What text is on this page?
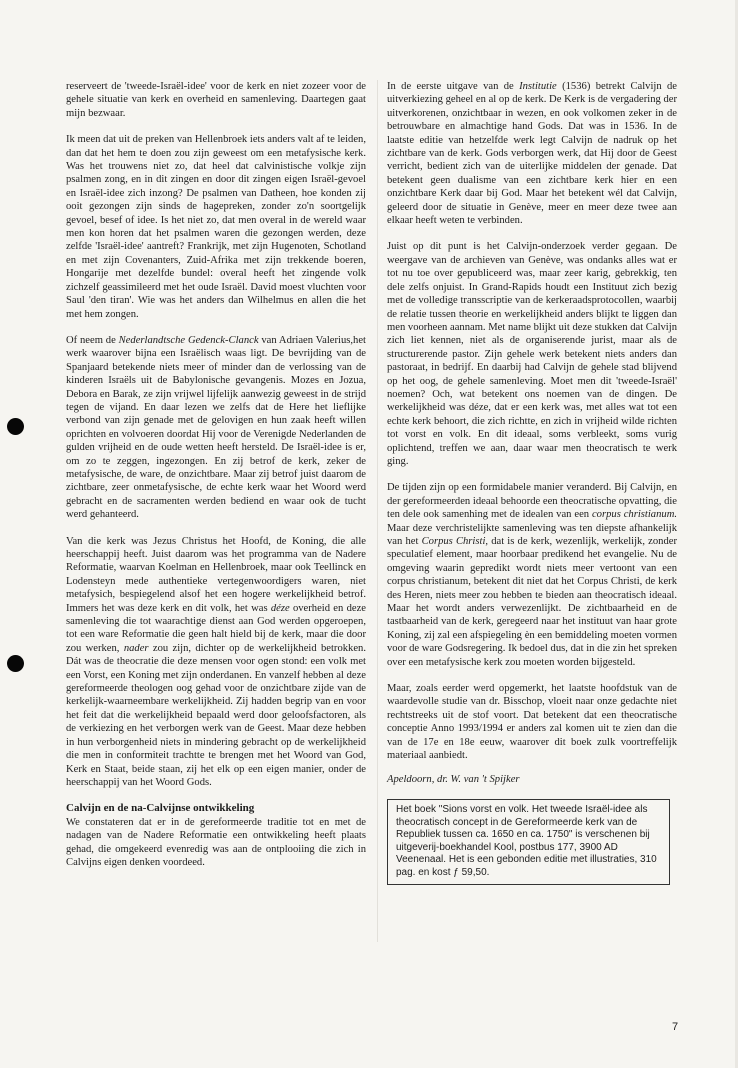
reserveert de 'tweede-Israël-idee' voor de kerk en niet zozeer voor de gehele situatie van kerk en overheid en samenleving. Daartegen gaat mijn bezwaar.

Ik meen dat uit de preken van Hellenbroek iets anders valt af te leiden, dan dat het hem te doen zou zijn geweest om een metafysische kerk. Was het trouwens niet zo, dat heel dat calvinistische volkje zijn psalmen zong, en in dit zingen en door dit zingen eigen Israël-gevoel en Israël-idee zich inzong? De psalmen van Datheen, hoe konden zij ooit gezongen zijn sinds de hagepreken, zonder zo'n soortgelijk gevoel, besef of idee. Is het niet zo, dat men overal in de wereld waar men kon horen dat het psalmen waren die gezongen werden, deze zelfde 'Israël-idee' aantreft? Frankrijk, met zijn Hugenoten, Schotland en met zijn Covenanters, Zuid-Afrika met zijn trekkende boeren, Hongarije met dezelfde bundel: overal heeft het zingende volk zichzelf geassimileerd met het oude Israël. David moest vluchten voor Saul 'den tiran'. Wie was het anders dan Wilhelmus en allen die het met hem zongen.

Of neem de Nederlandtsche Gedenck-Clanck van Adriaen Valerius,het werk waarover bijna een Israëlisch waas ligt. De bevrijding van de Spanjaard betekende niets meer of minder dan de verlossing van de kinderen Israëls uit de Babylonische gevangenis. Mozes en Jozua, Debora en Barak, ze zijn vrijwel lijfelijk aanwezig geweest in de strijd tegen de vijand. En daar lezen we zelfs dat de Here het lieflijke verbond van zijn genade met de gelovigen en hun zaak heeft willen oprichten en volvoeren doordat Hij voor de Verenigde Nederlanden de gulden vrijheid en de oude wetten heeft hersteld. De Israël-idee is er, om zo te zeggen, ingezongen. En zij betrof de kerk, zeker de metafysische, de ware, de onzichtbare. Maar zij betrof juist daarom de zichtbare, zeer onmetafysische, de echte kerk waar het Woord werd gebracht en de sacramenten werden bediend en waar ook de tucht werd gehanteerd.

Van die kerk was Jezus Christus het Hoofd, de Koning, die alle heerschappij heeft. Juist daarom was het programma van de Nadere Reformatie, waarvan Koelman en Hellenbroek, maar ook Teellinck en Lodensteyn mede authentieke vertegenwoordigers waren, niet metafysich, bespiegelend alsof het een hogere werkelijkheid betrof. Immers het was deze kerk en dit volk, het was déze overheid en deze samenleving die tot waarachtige dienst aan God werden opgeroepen, tot een ware Reformatie die geen halt hield bij de kerk, maar die door zou werken, nader zou zijn, dichter op de werkelijkheid betrokken. Dát was de theocratie die deze mensen voor ogen stond: een volk met een Vorst, een Koning met zijn onderdanen. En vanzelf hebben al deze gereformeerde theologen oog gehad voor de onzichtbare zijde van de kerkelijk-waarneembare werkelijkheid. Zij hadden begrip van en voor het feit dat die werkelijkheid bepaald werd door geloofsfactoren, als de verkiezing en het verborgen werk van de Geest. Maar deze hebben in hun verborgenheid niets in mindering gebracht op de werkelijkheid die men in conformiteit trachtte te brengen met het Woord van God, Kerk en Staat, beide staan, zij het elk op een eigen manier, onder de heerschappij van het Woord Gods.

Calvijn en de na-Calvijnse ontwikkeling

We constateren dat er in de gereformeerde traditie tot en met de nadagen van de Nadere Reformatie een ontwikkeling heeft plaats gehad, die omgekeerd evenredig was aan de ontplooiing die zich in Calvijns eigen denken voordeed.

In de eerste uitgave van de Institutie (1536) betrekt Calvijn de uitverkiezing geheel en al op de kerk. De Kerk is de vergadering der uitverkorenen, onzichtbaar in wezen, en ook volkomen zeker in de betrouwbare en almachtige hand Gods. Dat was in 1536. In de laatste editie van hetzelfde werk legt Calvijn de nadruk op het zichtbare van de kerk. Gods verborgen werk, dat Hij door de Geest verricht, bedient zich van de uiterlijke middelen der genade. Dat betekent geen dualisme van een zichtbare kerk hier en een onzichtbare Kerk daar bij God. Maar het betekent wél dat Calvijn, geleerd door de situatie in Genève, meer en meer deze twee aan elkaar heeft weten te verbinden.

Juist op dit punt is het Calvijn-onderzoek verder gegaan. De weergave van de archieven van Genève, was ondanks alles wat er tot nu toe over gepubliceerd was, maar zeer karig, gebrekkig, ten dele zelfs onjuist. In Grand-Rapids houdt een Instituut zich bezig met de volledige transscriptie van de kerkeraadsprotocollen, waarbij de relatie tussen theorie en werkelijkheid anders blijkt te liggen dan men voorheen aannam. Met name blijkt uit deze stukken dat Calvijn zich liet kennen, niet als de organiserende jurist, maar als de structurerende pastor. Zijn gehele werk betekent niets anders dan pastoraat, in bedrijf. En daarbij had Calvijn de gehele stad blijvend op het oog, de gehele samenleving. Moet men dit 'tweede-Israël' noemen? Och, wat betekent ons noemen van de dingen. De werkelijkheid was déze, dat er een kerk was, met alles wat tot een echte kerk behoort, die zich richtte, en zich in vrijheid wilde richten tot vorst en volk. En dit ideaal, soms verbleekt, soms vurig oplichtend, treffen we aan, daar waar men theocratisch te werk ging.

De tijden zijn op een formidabele manier veranderd. Bij Calvijn, en der gereformeerden ideaal behoorde een theocratische opvatting, die ten dele ook samenhing met de idealen van een corpus christianum. Maar deze verchristelijkte samenleving was ten diepste afhankelijk van het Corpus Christi, dat is de kerk, wezenlijk, werkelijk, zonder speculatief element, maar hoorbaar predikend het evangelie. Nu de omgeving waarin gepredikt wordt niets meer vertoont van een corpus christianum, betekent dit niet dat het Corpus Christi, de kerk des Heren, niets meer zou hebben te bieden aan theocratisch ideaal. Maar het wordt anders verwezenlijkt. De zichtbaarheid en de tastbaarheid van de kerk, geregeerd naar het instituut van haar grote Koning, zij zal een afspiegeling èn een bemiddeling moeten vormen voor de ware Godsregering. Ik bedoel dus, dat in die zin het spreken over een metafysische kerk zou moeten worden bijgesteld.

Maar, zoals eerder werd opgemerkt, het laatste hoofdstuk van de waardevolle studie van dr. Bisschop, vloeit naar onze gedachte niet rechtstreeks uit de stof voort. Dat betekent dat een theocratische conceptie Anno 1993/1994 er anders zal komen uit te zien dan die van de 17e en 18e eeuw, waarover dit boek zulk voortreffelijk materiaal aanbiedt.

Apeldoorn, dr. W. van 't Spijker

Het boek "Sions vorst en volk. Het tweede Israël-idee als theocratisch concept in de Gereformeerde kerk van de Republiek tussen ca. 1650 en ca. 1750" is verschenen bij uitgeverij-boekhandel Kool, postbus 177, 3900 AD Veenenaal. Het is een gebonden editie met illustraties, 310 pag. en kost ƒ 59,50.
7
